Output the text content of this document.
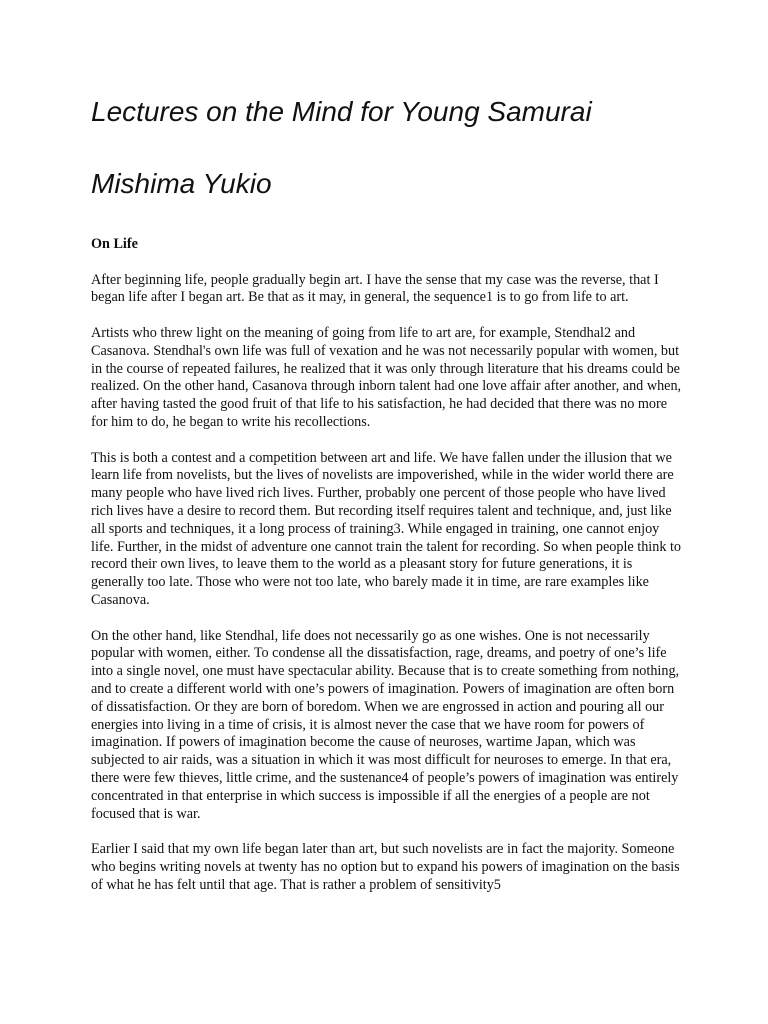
Lectures on the Mind for Young Samurai
Mishima Yukio

On Life

After beginning life, people gradually begin art. I have the sense that my case was the reverse, that I began life after I began art. Be that as it may, in general, the sequence1 is to go from life to art.

Artists who threw light on the meaning of going from life to art are, for example, Stendhal2 and Casanova. Stendhal's own life was full of vexation and he was not necessarily popular with women, but in the course of repeated failures, he realized that it was only through literature that his dreams could be realized. On the other hand, Casanova through inborn talent had one love affair after another, and when, after having tasted the good fruit of that life to his satisfaction, he had decided that there was no more for him to do, he began to write his recollections.

This is both a contest and a competition between art and life. We have fallen under the illusion that we learn life from novelists, but the lives of novelists are impoverished, while in the wider world there are many people who have lived rich lives. Further, probably one percent of those people who have lived rich lives have a desire to record them. But recording itself requires talent and technique, and, just like all sports and techniques, it a long process of training3. While engaged in training, one cannot enjoy life. Further, in the midst of adventure one cannot train the talent for recording. So when people think to record their own lives, to leave them to the world as a pleasant story for future generations, it is generally too late. Those who were not too late, who barely made it in time, are rare examples like Casanova.

On the other hand, like Stendhal, life does not necessarily go as one wishes. One is not necessarily popular with women, either. To condense all the dissatisfaction, rage, dreams, and poetry of one’s life into a single novel, one must have spectacular ability. Because that is to create something from nothing, and to create a different world with one’s powers of imagination. Powers of imagination are often born of dissatisfaction. Or they are born of boredom. When we are engrossed in action and pouring all our energies into living in a time of crisis, it is almost never the case that we have room for powers of imagination. If powers of imagination become the cause of neuroses, wartime Japan, which was subjected to air raids, was a situation in which it was most difficult for neuroses to emerge. In that era, there were few thieves, little crime, and the sustenance4 of people’s powers of imagination was entirely concentrated in that enterprise in which success is impossible if all the energies of a people are not focused that is war.

Earlier I said that my own life began later than art, but such novelists are in fact the majority. Someone who begins writing novels at twenty has no option but to expand his powers of imagination on the basis of what he has felt until that age. That is rather a problem of sensitivity5
